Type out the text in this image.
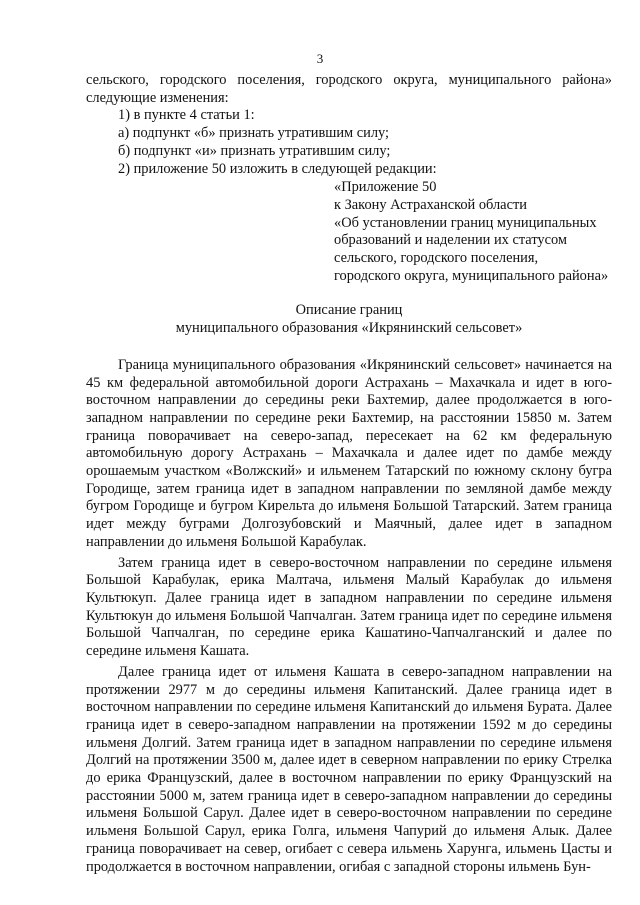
3

сельского, городского поселения, городского округа, муниципального района» следующие изменения:

1) в пункте 4 статьи 1:

а) подпункт «б» признать утратившим силу;

б) подпункт «и» признать утратившим силу;

2) приложение 50 изложить в следующей редакции:

«Приложение 50

к Закону Астраханской области

«Об установлении границ муниципальных

образований и наделении их статусом

сельского, городского поселения,

городского округа, муниципального района»

Описание границ

муниципального образования «Икрянинский сельсовет»

Граница муниципального образования «Икрянинский сельсовет» начинается на 45 км федеральной автомобильной дороги Астрахань – Махачкала и идет в юго-восточном направлении до середины реки Бахтемир, далее продолжается в юго-западном направлении по середине реки Бахтемир, на расстоянии 15850 м. Затем граница поворачивает на северо-запад, пересекает на 62 км федеральную автомобильную дорогу Астрахань – Махачкала и далее идет по дамбе между орошаемым участком «Волжский» и ильменем Татарский по южному склону бугра Городище, затем граница идет в западном направлении по земляной дамбе между бугром Городище и бугром Кирельта до ильменя Большой Татарский. Затем граница идет между буграми Долгозубовский и Маячный, далее идет в западном направлении до ильменя Большой Карабулак.

Затем граница идет в северо-восточном направлении по середине ильменя Большой Карабулак, ерика Малтача, ильменя Малый Карабулак до ильменя Культюкуп. Далее граница идет в западном направлении по середине ильменя Культюкун до ильменя Большой Чапчалган. Затем граница идет по середине ильменя Большой Чапчалган, по середине ерика Кашатино-Чапчалганский и далее по середине ильменя Кашата.

Далее граница идет от ильменя Кашата в северо-западном направлении на протяжении 2977 м до середины ильменя Капитанский. Далее граница идет в восточном направлении по середине ильменя Капитанский до ильменя Бурата. Далее граница идет в северо-западном направлении на протяжении 1592 м до середины ильменя Долгий. Затем граница идет в западном направлении по середине ильменя Долгий на протяжении 3500 м, далее идет в северном направлении по ерику Стрелка до ерика Французский, далее в восточном направлении по ерику Французский на расстоянии 5000 м, затем граница идет в северо-западном направлении до середины ильменя Большой Сарул. Далее идет в северо-восточном направлении по середине ильменя Большой Сарул, ерика Голга, ильменя Чапурий до ильменя Алык. Далее граница поворачивает на север, огибает с севера ильмень Харунга, ильмень Цасты и продолжается в восточном направлении, огибая с западной стороны ильмень Бун-
